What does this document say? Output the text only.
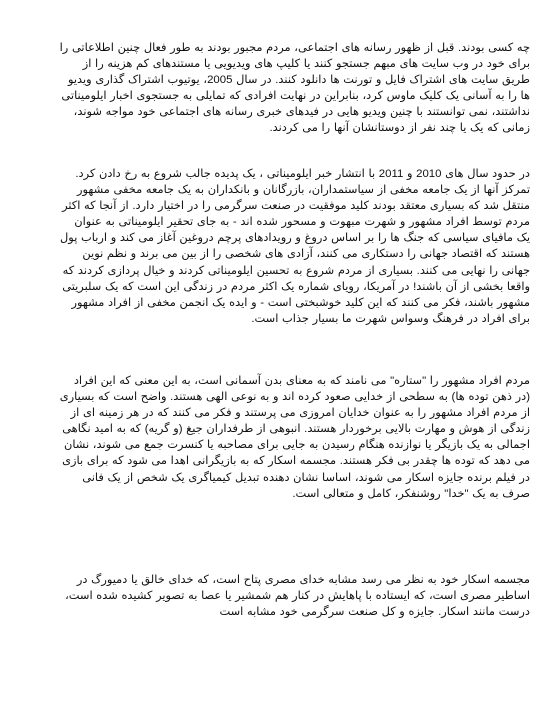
چه کسی بودند. قبل از ظهور رسانه های اجتماعی، مردم مجبور بودند به طور فعال چنین اطلاعاتی را برای خود در وب سایت های مبهم جستجو کنند یا کلیپ های ویدیویی یا مستندهای کم هزینه را از طریق سایت های اشتراک فایل و تورنت ها دانلود کنند. در سال 2005، یوتیوب اشتراک گذاری ویدیو ها را به آسانی یک کلیک ماوس کرد، بنابراین در نهایت افرادی که تمایلی به جستجوی اخبار ایلومیناتی نداشتند، نمی توانستند با چنین ویدیو هایی در فیدهای خبری رسانه های اجتماعی خود مواجه شوند، زمانی که یک یا چند نفر از دوستانشان آنها را می کردند.

در حدود سال های 2010 و 2011 با انتشار خبر ایلومیناتی ، یک پدیده جالب شروع به رخ دادن کرد. تمرکز آنها از یک جامعه مخفی از سیاستمداران، بازرگانان و بانکداران به یک جامعه مخفی مشهور منتقل شد که بسیاری معتقد بودند کلید موفقیت در صنعت سرگرمی را در اختیار دارد. از آنجا که اکثر مردم توسط افراد مشهور و شهرت مبهوت و مسحور شده اند - به جای تحقیر ایلومیناتی به عنوان یک مافیای سیاسی که جنگ ها را بر اساس دروغ و رویدادهای پرچم دروغین آغاز می کند و ارباب پول هستند که اقتصاد جهانی را دستکاری می کنند، آزادی های شخصی را از بین می برند و نظم نوین جهانی را نهایی می کنند. بسیاری از مردم شروع به تحسین ایلومیناتی کردند و خیال پردازی کردند که واقعا بخشی از آن باشند! در آمریکا، رویای شماره یک اکثر مردم در زندگی این است که یک سلبریتی مشهور باشند، فکر می کنند که این کلید خوشبختی است - و ایده یک انجمن مخفی از افراد مشهور برای افراد در فرهنگ وسواس شهرت ما بسیار جذاب است.

مردم افراد مشهور را "ستاره" می نامند که به معنای بدن آسمانی است، به این معنی که این افراد (در ذهن توده ها) به سطحی از خدایی صعود کرده اند و به نوعی الهی هستند. واضح است که بسیاری از مردم افراد مشهور را به عنوان خدایان امروزی می پرستند و فکر می کنند که در هر زمینه ای از زندگی از هوش و مهارت بالایی برخوردار هستند. انبوهی از طرفداران جیغ (و گریه) که به امید نگاهی اجمالی به یک بازیگر یا نوازنده هنگام رسیدن به جایی برای مصاحبه یا کنسرت جمع می شوند، نشان می دهد که توده ها چقدر بی فکر هستند. مجسمه اسکار که به بازیگرانی اهدا می شود که برای بازی در فیلم برنده جایزه اسکار می شوند، اساسا نشان دهنده تبدیل کیمیاگری یک شخص از یک فانی صرف به یک "خدا" روشنفکر، کامل و متعالی است.

مجسمه اسکار خود به نظر می رسد مشابه خدای مصری پتاح است، که خدای خالق یا دمیورگ در اساطیر مصری است، که ایستاده با پاهایش در کنار هم شمشیر یا عصا به تصویر کشیده شده است، درست مانند اسکار. جایزه و کل صنعت سرگرمی خود مشابه است
